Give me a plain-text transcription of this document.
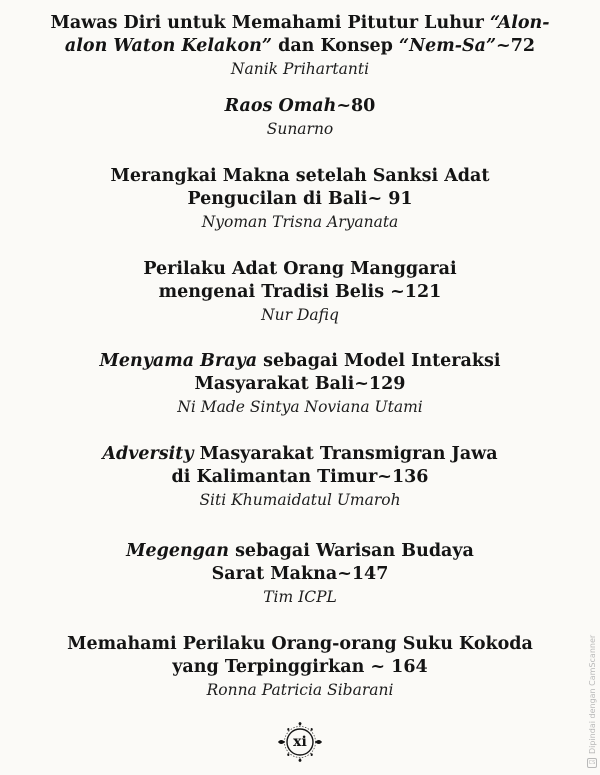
Mawas Diri untuk Memahami Pitutur Luhur “Alon-
alon Waton Kelakon” dan Konsep “Nem-Sa”~72
Nanik Prihartanti
Raos Omah~80
Sunarno
Merangkai Makna setelah Sanksi Adat
Pengucilan di Bali~ 91
Nyoman Trisna Aryanata
Perilaku Adat Orang Manggarai
mengenai Tradisi Belis ~121
Nur Dafiq
Menyama Braya sebagai Model Interaksi
Masyarakat Bali~129
Ni Made Sintya Noviana Utami
Adversity Masyarakat Transmigran Jawa
di Kalimantan Timur~136
Siti Khumaidatul Umaroh
Megengan sebagai Warisan Budaya
Sarat Makna~147
Tim ICPL
Memahami Perilaku Orang-orang Suku Kokoda
yang Terpinggirkan ~ 164
Ronna Patricia Sibarani
xi
CS
Dipindai dengan CamScanner
